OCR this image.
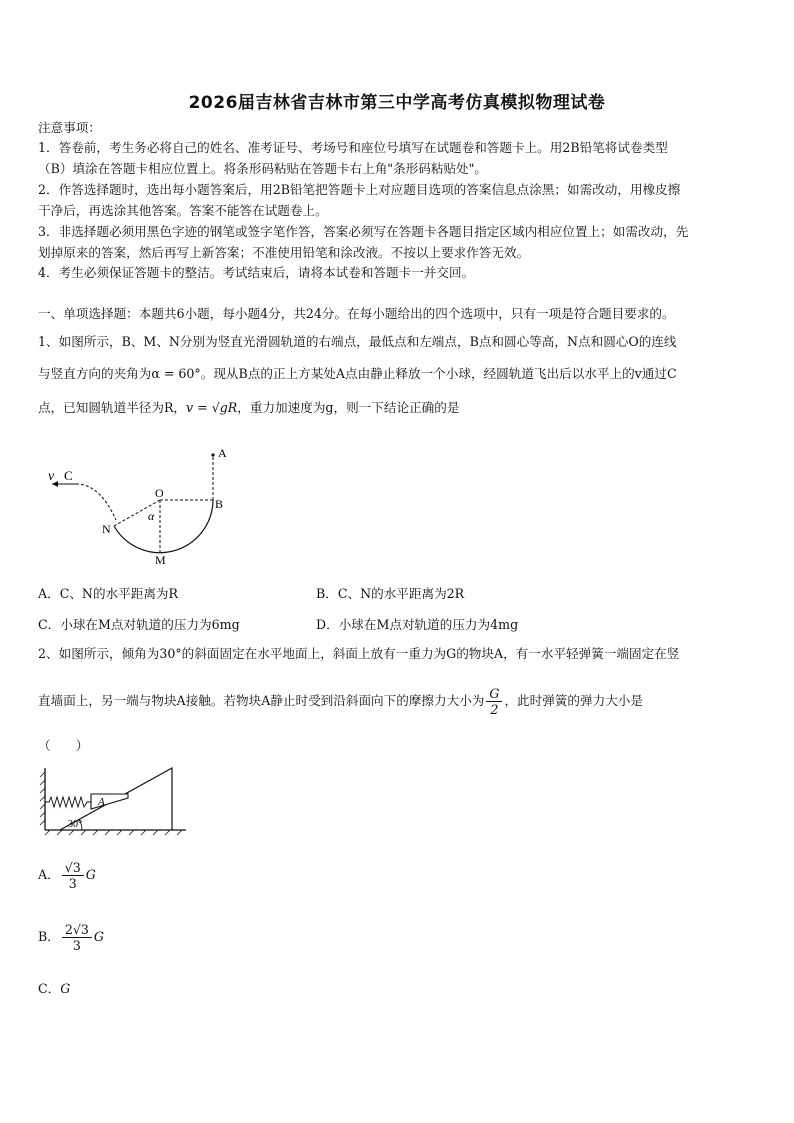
2026届吉林省吉林市第三中学高考仿真模拟物理试卷
注意事项：
1．答卷前，考生务必将自己的姓名、准考证号、考场号和座位号填写在试题卷和答题卡上。用2B铅笔将试卷类型
（B）填涂在答题卡相应位置上。将条形码粘贴在答题卡右上角"条形码粘贴处"。
2．作答选择题时，选出每小题答案后，用2B铅笔把答题卡上对应题目选项的答案信息点涂黑；如需改动，用橡皮擦
干净后，再选涂其他答案。答案不能答在试题卷上。
3．非选择题必须用黑色字迹的钢笔或签字笔作答，答案必须写在答题卡各题目指定区域内相应位置上；如需改动，先
划掉原来的答案，然后再写上新答案；不准使用铅笔和涂改液。不按以上要求作答无效。
4．考生必须保证答题卡的整洁。考试结束后，请将本试卷和答题卡一并交回。
一、单项选择题：本题共6小题，每小题4分，共24分。在每小题给出的四个选项中，只有一项是符合题目要求的。
1、如图所示，B、M、N分别为竖直光滑圆轨道的右端点，最低点和左端点，B点和圆心等高，N点和圆心O的连线
与竖直方向的夹角为α = 60°。现从B点的正上方某处A点由静止释放一个小球，经圆轨道飞出后以水平上的v通过C
点，已知圆轨道半径为R，v = √gR，重力加速度为g，则一下结论正确的是
v C
A
O
α
B
N
M
A．C、N的水平距离为R	B．C、N的水平距离为2R
C．小球在M点对轨道的压力为6mg	D．小球在M点对轨道的压力为4mg
2、如图所示，倾角为30°的斜面固定在水平地面上，斜面上放有一重力为G的物块A，有一水平轻弹簧一端固定在竖
直墙面上，另一端与物块A接触。若物块A静止时受到沿斜面向下的摩擦力大小为 $\frac{G}{2}$ ，此时弹簧的弹力大小是
（　　）
A
30°
A． $\frac{√3}{3}$ G
B． $\frac{2√3}{3}$ G
C．G
